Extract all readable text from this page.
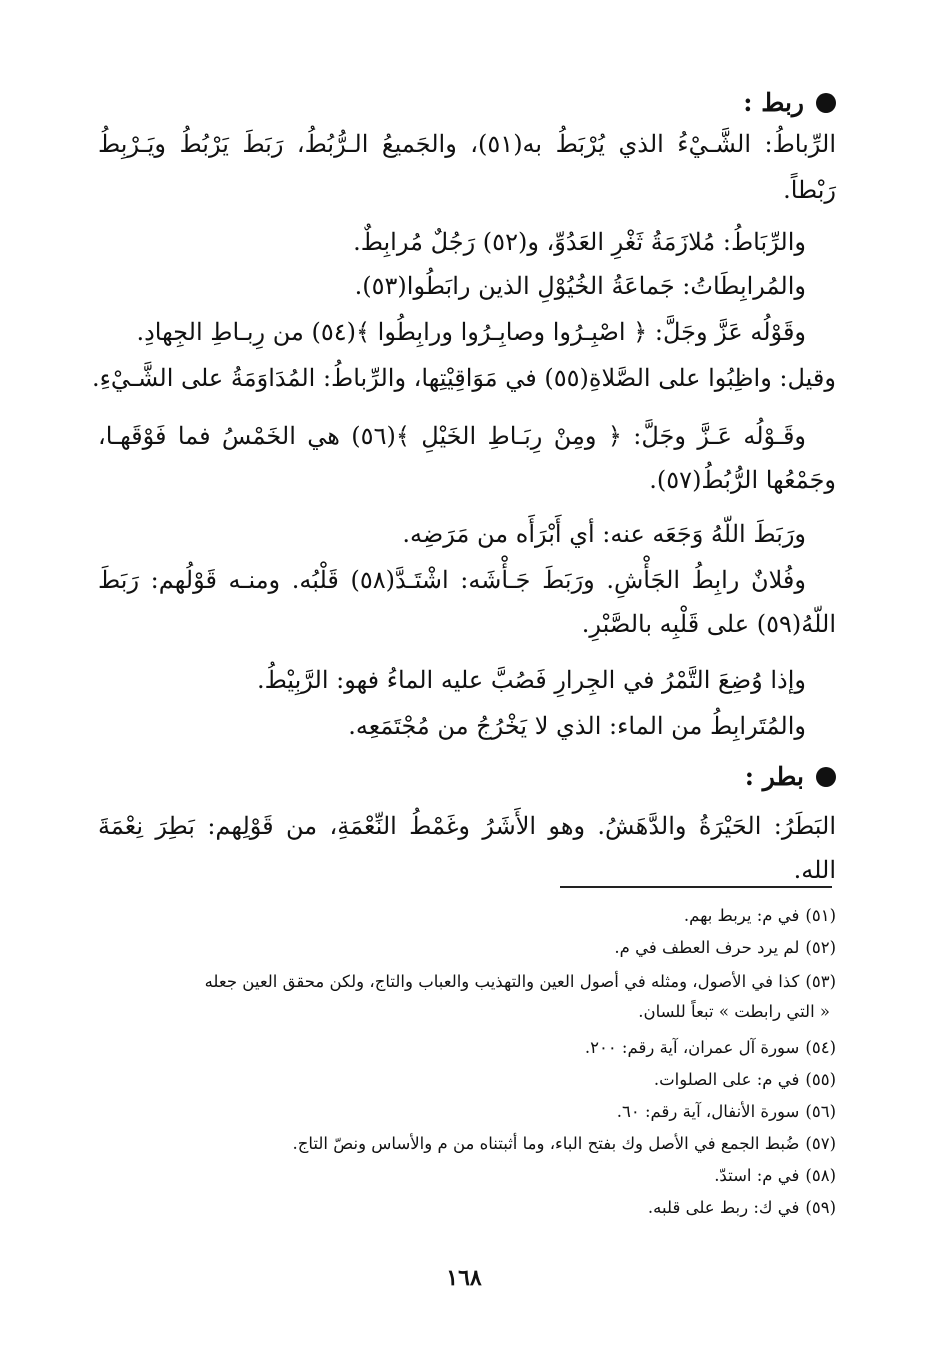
ربط :
الرِّباطُ: الشَّـيْءُ الذي يُرْبَطُ به(٥١)، والجَميعُ الـرُّبُطُ، رَبَطَ يَرْبُطُ ويَـرْبِطُ
رَبْطاً.
والرِّبَاطُ: مُلازَمَةُ ثَغْرِ العَدُوِّ، و(٥٢) رَجُلٌ مُرابِطٌ.
والمُرابِطَاتُ: جَماعَةُ الخُيُوْلِ الذين رابَطُوا(٥٣).
وقَوْلُه عَزَّ وجَلَّ: ﴿ اصْبِـرُوا وصابِـرُوا ورابِطُوا ﴾(٥٤) من رِبـاطِ الجِهادِ.
وقيل: واظِبُوا على الصَّلاةِ(٥٥) في مَوَاقِيْتِها، والرِّباطُ: المُدَاوَمَةُ على الشَّـيْءِ.
وقَـوْلُه عَـزَّ وجَلَّ: ﴿ ومِنْ رِبَـاطِ الخَيْلِ ﴾(٥٦) هي الخَمْسُ فما فَوْقَهـا،
وجَمْعُها الرُّبُطُ(٥٧).
ورَبَطَ اللّهُ وَجَعَه عنه: أي أَبْرَأَه من مَرَضِه.
وفُلانٌ رابِطُ الجَأْشِ. ورَبَطَ جَـأْشَه: اشْتَـدَّ(٥٨) قَلْبُه. ومنـه قَوْلُهم: رَبَطَ
اللّهُ(٥٩) على قَلْبِه بالصَّبْرِ.
وإذا وُضِعَ التَّمْرُ في الجِرارِ فَصُبَّ عليه الماءُ فهو: الرَّبِيْطُ.
والمُتَرابِطُ من الماء: الذي لا يَخْرُجُ من مُجْتَمَعِه.
بطر :
البَطَرُ: الحَيْرَةُ والدَّهَشُ. وهو الأَشَرُ وغَمْطُ النِّعْمَةِ، من قَوْلِهم: بَطِرَ نِعْمَةَ
الله.
(٥١)في م: يربط بهم.
(٥٢)لم يرد حرف العطف في م.
(٥٣)كذا في الأصول، ومثله في أصول العين والتهذيب والعباب والتاج، ولكن محقق العين جعله
« التي رابطت » تبعاً للسان.
(٥٤)سورة آل عمران، آية رقم: ٢٠٠.
(٥٥)في م: على الصلوات.
(٥٦)سورة الأنفال، آية رقم: ٦٠.
(٥٧)ضُبط الجمع في الأصل وك بفتح الباء، وما أثبتناه من م والأساس ونصّ التاج.
(٥٨)في م: استدّ.
(٥٩)في ك: ربط على قلبه.
١٦٨
